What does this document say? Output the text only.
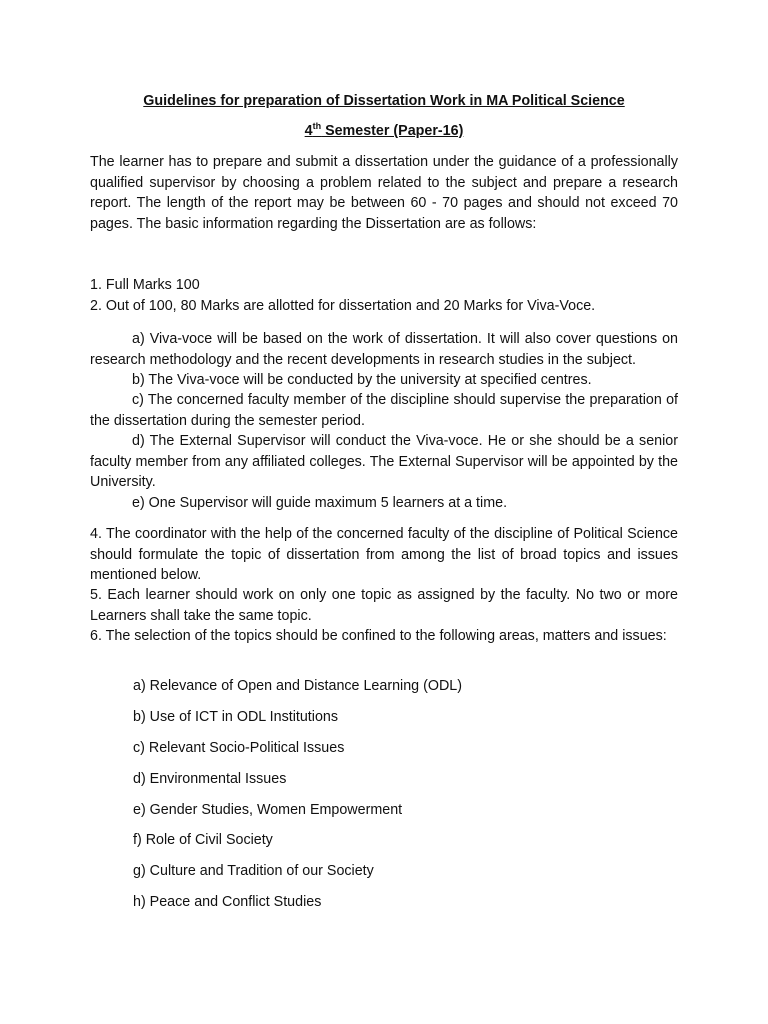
Guidelines for preparation of Dissertation Work in MA Political Science
4th Semester (Paper-16)

The learner has to prepare and submit a dissertation under the guidance of a professionally qualified supervisor by choosing a problem related to the subject and prepare a research report. The length of the report may be between 60 - 70 pages and should not exceed 70 pages. The basic information regarding the Dissertation are as follows:

1. Full Marks 100
2. Out of 100, 80 Marks are allotted for dissertation and 20 Marks for Viva-Voce.

a) Viva-voce will be based on the work of dissertation. It will also cover questions on research methodology and the recent developments in research studies in the subject.

b) The Viva-voce will be conducted by the university at specified centres.

c) The concerned faculty member of the discipline should supervise the preparation of the dissertation during the semester period.

d) The External Supervisor will conduct the Viva-voce. He or she should be a senior faculty member from any affiliated colleges. The External Supervisor will be appointed by the University.

e) One Supervisor will guide maximum 5 learners at a time.

4. The coordinator with the help of the concerned faculty of the discipline of Political Science should formulate the topic of dissertation from among the list of broad topics and issues mentioned below.

5. Each learner should work on only one topic as assigned by the faculty. No two or more Learners shall take the same topic.

6. The selection of the topics should be confined to the following areas, matters and issues:

a) Relevance of Open and Distance Learning (ODL)
b) Use of ICT in ODL Institutions
c) Relevant Socio-Political Issues
d) Environmental Issues
e) Gender Studies, Women Empowerment
f) Role of Civil Society
g) Culture and Tradition of our Society
h) Peace and Conflict Studies
